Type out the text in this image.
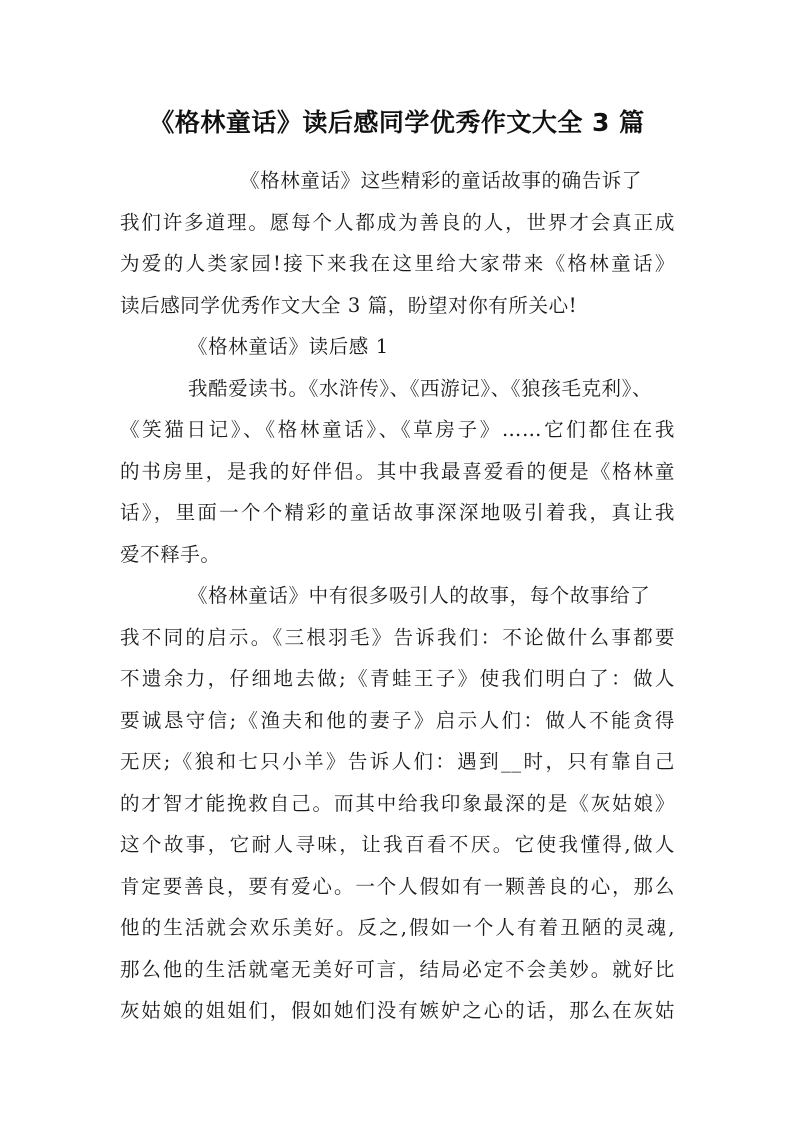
《格林童话》读后感同学优秀作文大全 3 篇
《格林童话》这些精彩的童话故事的确告诉了
我们许多道理。愿每个人都成为善良的人，世界才会真正成
为爱的人类家园!接下来我在这里给大家带来《格林童话》
读后感同学优秀作文大全 3 篇，盼望对你有所关心!
《格林童话》读后感 1
我酷爱读书。《水浒传》、《西游记》、《狼孩毛克利》、
《笑猫日记》、《格林童话》、《草房子》……它们都住在我
的书房里，是我的好伴侣。其中我最喜爱看的便是《格林童
话》，里面一个个精彩的童话故事深深地吸引着我，真让我
爱不释手。
《格林童话》中有很多吸引人的故事，每个故事给了
我不同的启示。《三根羽毛》告诉我们：不论做什么事都要
不遗余力，仔细地去做;《青蛙王子》使我们明白了：做人
要诚恳守信;《渔夫和他的妻子》启示人们：做人不能贪得
无厌;《狼和七只小羊》告诉人们：遇到__时，只有靠自己
的才智才能挽救自己。而其中给我印象最深的是《灰姑娘》
这个故事，它耐人寻味，让我百看不厌。它使我懂得,做人
肯定要善良，要有爱心。一个人假如有一颗善良的心，那么
他的生活就会欢乐美好。反之,假如一个人有着丑陋的灵魂,
那么他的生活就毫无美好可言，结局必定不会美妙。就好比
灰姑娘的姐姐们，假如她们没有嫉妒之心的话，那么在灰姑
